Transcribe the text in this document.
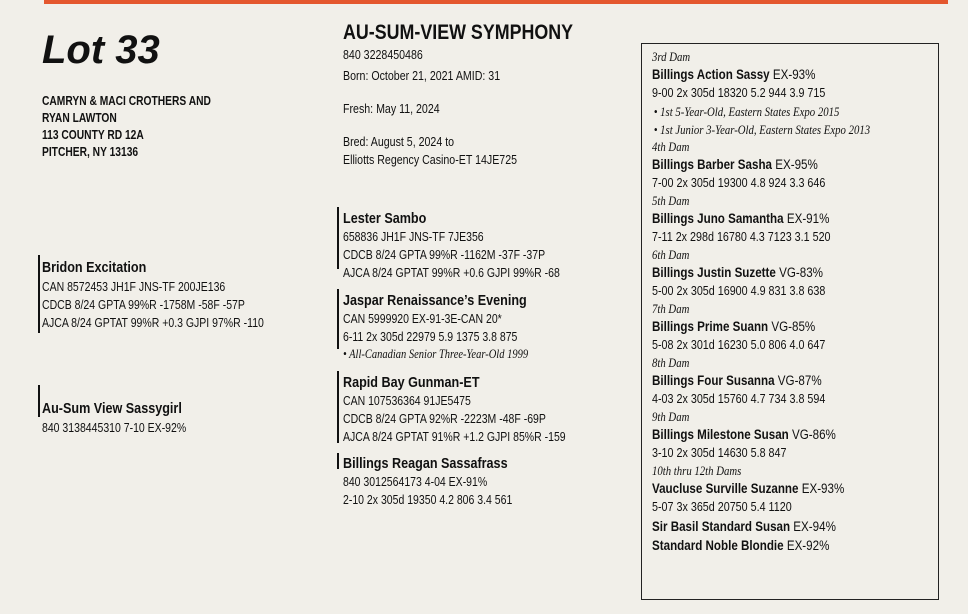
Lot 33
CAMRYN & MACI CROTHERS AND
RYAN LAWTON
113 COUNTY RD 12A
PITCHER, NY 13136
AU-SUM-VIEW SYMPHONY
840 3228450486
Born: October 21, 2021 AMID: 31
Fresh: May 11, 2024
Bred: August 5, 2024 to
Elliotts Regency Casino-ET 14JE725
Bridon Excitation
CAN 8572453 JH1F JNS-TF 200JE136
CDCB 8/24 GPTA 99%R -1758M -58F -57P
AJCA 8/24 GPTAT 99%R +0.3 GJPI 97%R -110
Au-Sum View Sassygirl
840 3138445310 7-10 EX-92%
Lester Sambo
658836 JH1F JNS-TF 7JE356
CDCB 8/24 GPTA 99%R -1162M -37F -37P
AJCA 8/24 GPTAT 99%R +0.6 GJPI 99%R -68
Jaspar Renaissance’s Evening
CAN 5999920 EX-91-3E-CAN 20*
6-11 2x 305d 22979 5.9 1375 3.8 875
• All-Canadian Senior Three-Year-Old 1999
Rapid Bay Gunman-ET
CAN 107536364 91JE5475
CDCB 8/24 GPTA 92%R -2223M -48F -69P
AJCA 8/24 GPTAT 91%R +1.2 GJPI 85%R -159
Billings Reagan Sassafrass
840 3012564173 4-04 EX-91%
2-10 2x 305d 19350 4.2 806 3.4 561
3rd Dam
Billings Action Sassy EX-93%
9-00 2x 305d 18320 5.2 944 3.9 715
• 1st 5-Year-Old, Eastern States Expo 2015
• 1st Junior 3-Year-Old, Eastern States Expo 2013
4th Dam
Billings Barber Sasha EX-95%
7-00 2x 305d 19300 4.8 924 3.3 646
5th Dam
Billings Juno Samantha EX-91%
7-11 2x 298d 16780 4.3 7123 3.1 520
6th Dam
Billings Justin Suzette VG-83%
5-00 2x 305d 16900 4.9 831 3.8 638
7th Dam
Billings Prime Suann VG-85%
5-08 2x 301d 16230 5.0 806 4.0 647
8th Dam
Billings Four Susanna VG-87%
4-03 2x 305d 15760 4.7 734 3.8 594
9th Dam
Billings Milestone Susan VG-86%
3-10 2x 305d 14630 5.8 847
10th thru 12th Dams
Vaucluse Surville Suzanne EX-93%
5-07 3x 365d 20750 5.4 1120
Sir Basil Standard Susan EX-94%
Standard Noble Blondie EX-92%
